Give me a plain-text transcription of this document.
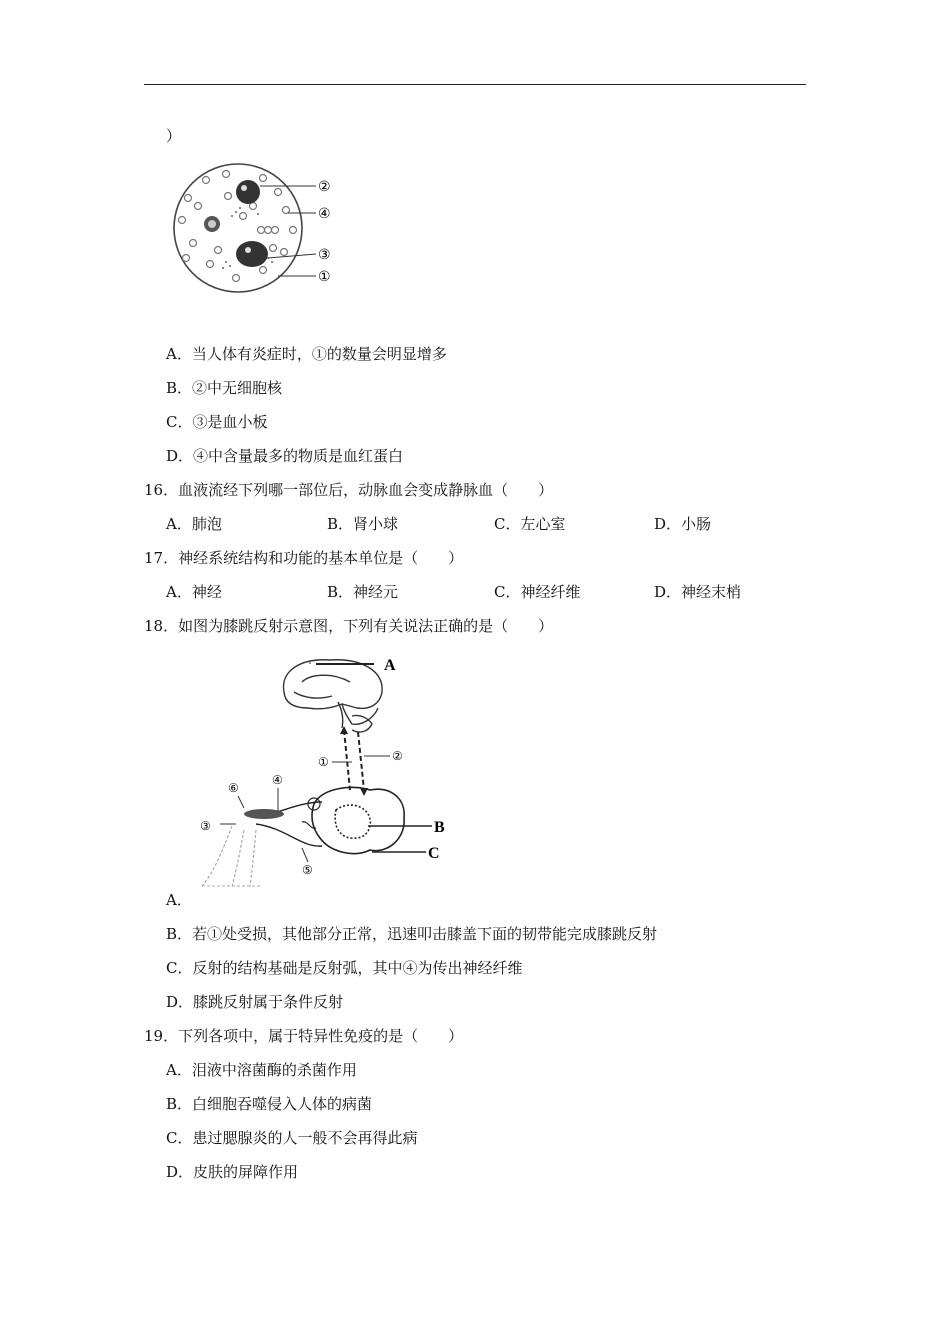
）
②
④
③
①
A．当人体有炎症时，①的数量会明显增多
B．②中无细胞核
C．③是血小板
D．④中含量最多的物质是血红蛋白
16．血液流经下列哪一部位后，动脉血会变成静脉血（　　）
A．肺泡	B．肾小球	C．左心室	D．小肠
17．神经系统结构和功能的基本单位是（　　）
A．神经	B．神经元	C．神经纤维	D．神经末梢
18．如图为膝跳反射示意图，下列有关说法正确的是（　　）
A
①	②
B
C
③
④
⑤
⑥
A．
B．若①处受损，其他部分正常，迅速叩击膝盖下面的韧带能完成膝跳反射
C．反射的结构基础是反射弧，其中④为传出神经纤维
D．膝跳反射属于条件反射
19．下列各项中，属于特异性免疫的是（　　）
A．泪液中溶菌酶的杀菌作用
B．白细胞吞噬侵入人体的病菌
C．患过腮腺炎的人一般不会再得此病
D．皮肤的屏障作用
